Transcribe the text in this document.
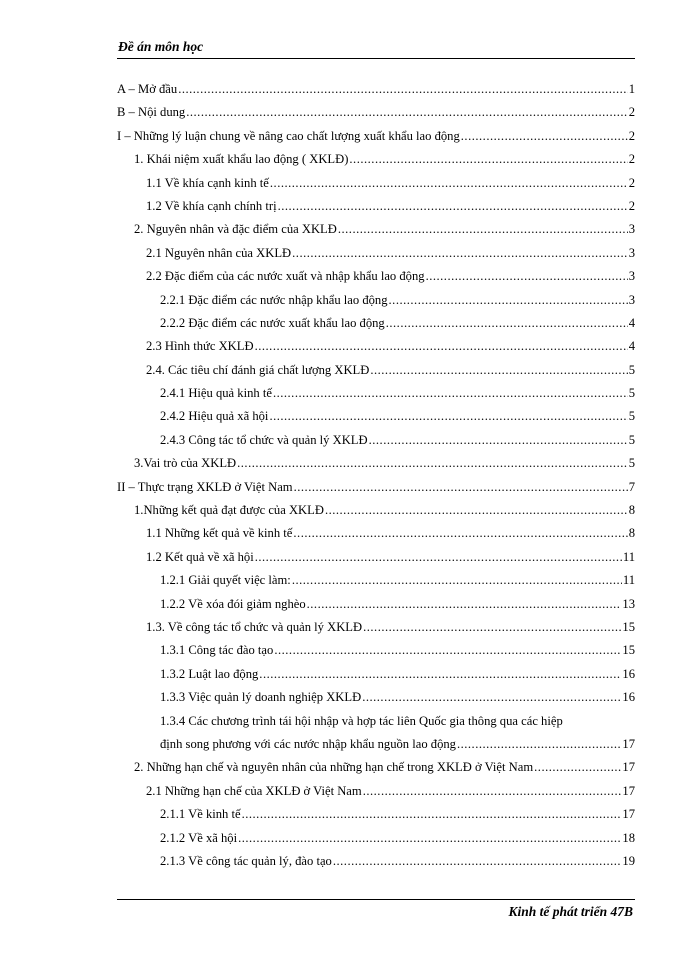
Đề án môn học
A – Mở đầu .....	1
B – Nội dung .....	2
I – Những lý luận chung về nâng cao chất lượng xuất khẩu lao động .....	2
1. Khái niệm xuất khẩu lao động ( XKLĐ) .....	2
1.1 Về khía cạnh kinh tế .....	2
1.2 Về khía cạnh chính trị .....	2
2. Nguyên nhân và đặc điểm của XKLĐ .....	3
2.1 Nguyên nhân của XKLĐ .....	3
2.2 Đặc điểm của các nước xuất và nhập khẩu lao động .....	3
2.2.1 Đặc điểm các nước nhập khẩu lao động .....	3
2.2.2 Đặc điểm các nước xuất khẩu lao động .....	4
2.3 Hình thức XKLĐ .....	4
2.4. Các tiêu chí đánh giá chất lượng XKLĐ .....	5
2.4.1 Hiệu quả kinh tế .....	5
2.4.2 Hiệu quả xã hội .....	5
2.4.3 Công tác tổ chức và quản lý XKLĐ .....	5
3.Vai trò của XKLĐ .....	5
II – Thực trạng XKLĐ ở Việt Nam .....	7
1.Những kết quả đạt được của XKLĐ .....	8
1.1 Những kết quả về kinh tế .....	8
1.2 Kết quả về xã hội .....	11
1.2.1 Giải quyết việc làm: .....	11
1.2.2 Về xóa đói giảm nghèo .....	13
1.3. Về công tác tổ chức và quản lý XKLĐ .....	15
1.3.1 Công tác đào tạo .....	15
1.3.2 Luật lao động .....	16
1.3.3 Việc quản lý doanh nghiệp XKLĐ .....	16
1.3.4 Các chương trình tái hội nhập và hợp tác liên Quốc gia thông qua các hiệp
định song phương với các nước nhập khẩu nguồn lao động .....	17
2. Những hạn chế và nguyên nhân của những hạn chế trong XKLĐ ở Việt Nam .....	17
2.1 Những hạn chế của XKLĐ ở Việt Nam .....	17
2.1.1 Về kinh tế .....	17
2.1.2 Về xã hội .....	18
2.1.3 Về công tác quản lý, đào tạo .....	19
Kinh tế phát triển 47B
